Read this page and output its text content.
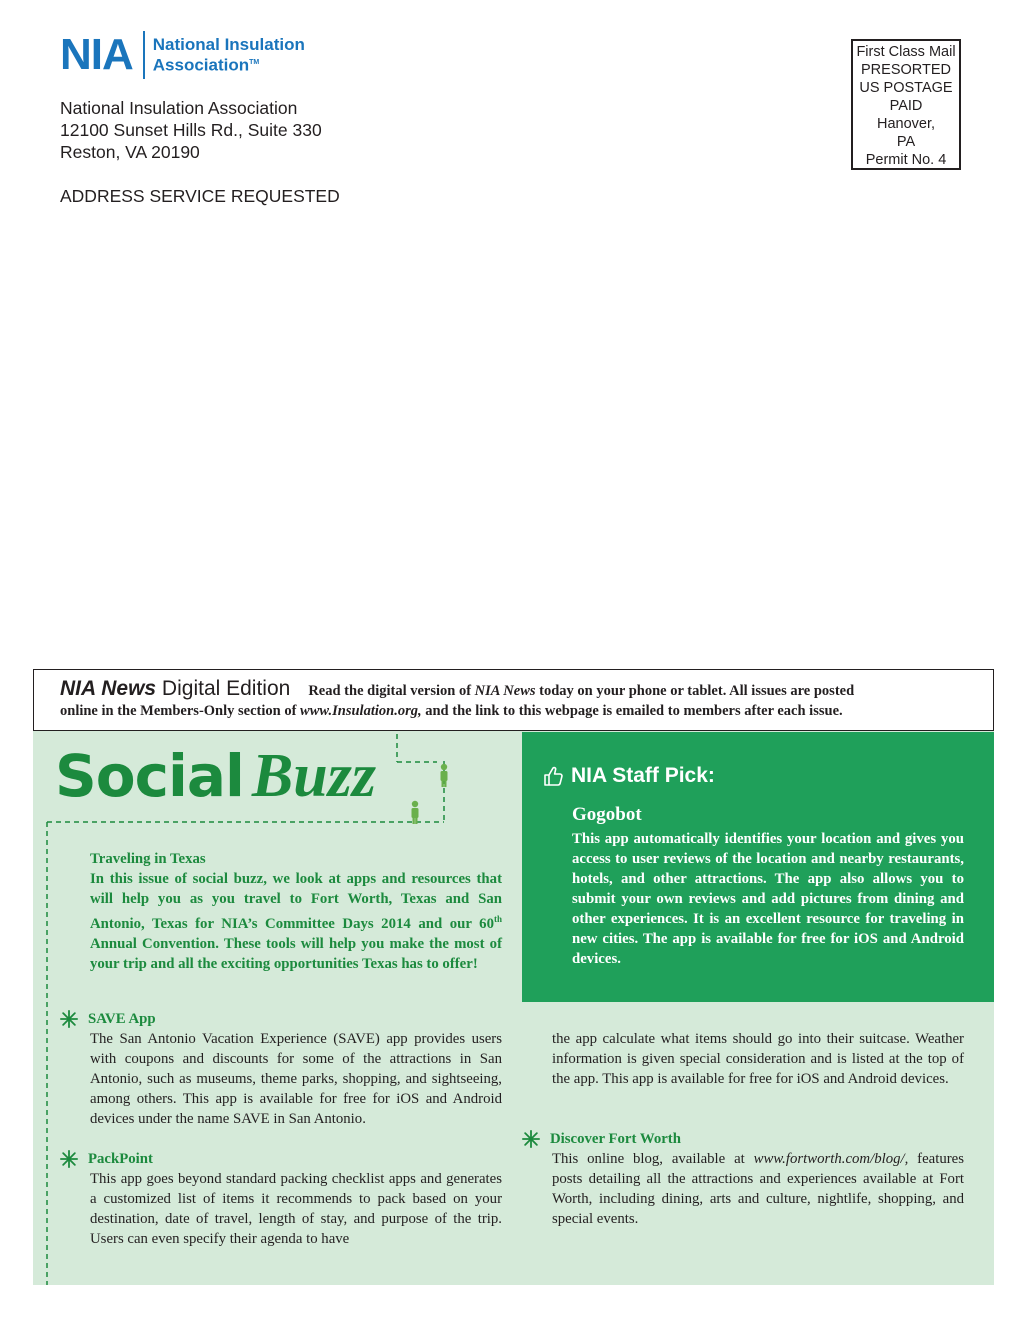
NIA National Insulation
Association™
National Insulation Association
12100 Sunset Hills Rd., Suite 330
Reston, VA 20190
ADDRESS SERVICE REQUESTED
First Class Mail
PRESORTED
US POSTAGE
PAID
Hanover,
PA
Permit No. 4
NIA News Digital Edition Read the digital version of NIA News today on your phone or tablet. All issues are posted
online in the Members-Only section of www.Insulation.org, and the link to this webpage is emailed to members after each issue.
Social Buzz
Traveling in Texas
In this issue of social buzz, we look at apps and resources that will help you as you travel to Fort Worth, Texas and San Antonio, Texas for NIA’s Committee Days 2014 and our 60th Annual Convention. These tools will help you make the most of your trip and all the exciting opportunities Texas has to offer!
NIA Staff Pick:
Gogobot
This app automatically identifies your location and gives you access to user reviews of the location and nearby restaurants, hotels, and other attractions. The app also allows you to submit your own reviews and add pictures from dining and other experiences. It is an excellent resource for traveling in new cities. The app is available for free for iOS and Android devices.
SAVE App
The San Antonio Vacation Experience (SAVE) app provides users with coupons and discounts for some of the attractions in San Antonio, such as museums, theme parks, shopping, and sightseeing, among others. This app is available for free for iOS and Android devices under the name SAVE in San Antonio.
PackPoint
This app goes beyond standard packing checklist apps and generates a customized list of items it recommends to pack based on your destination, date of travel, length of stay, and purpose of the trip. Users can even specify their agenda to have
the app calculate what items should go into their suitcase. Weather information is given special consideration and is listed at the top of the app. This app is available for free for iOS and Android devices.
Discover Fort Worth
This online blog, available at www.fortworth.com/blog/, features posts detailing all the attractions and experiences available at Fort Worth, including dining, arts and culture, nightlife, shopping, and special events.
